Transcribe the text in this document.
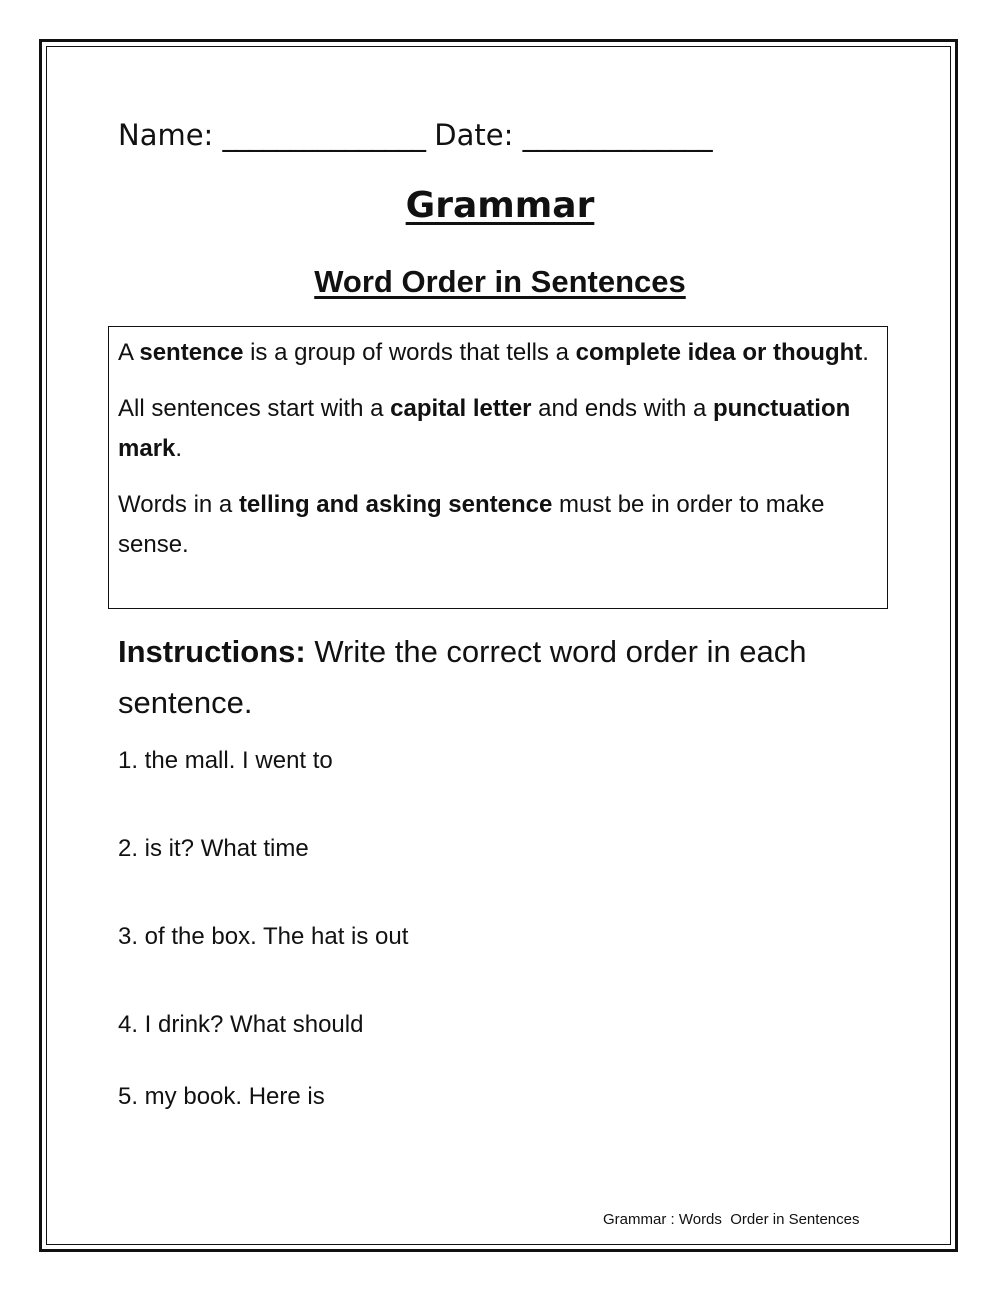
Name: _______________ Date: ______________
Grammar
Word Order in Sentences

A sentence is a group of words that tells a complete idea or thought.

All sentences start with a capital letter and ends with a punctuation mark.

Words in a telling and asking sentence must be in order to make sense.

Instructions: Write the correct word order in each sentence.
1. the mall. I went to
2. is it? What time
3. of the box. The hat is out
4. I drink? What should
5. my book. Here is
Grammar : Words  Order in Sentences
